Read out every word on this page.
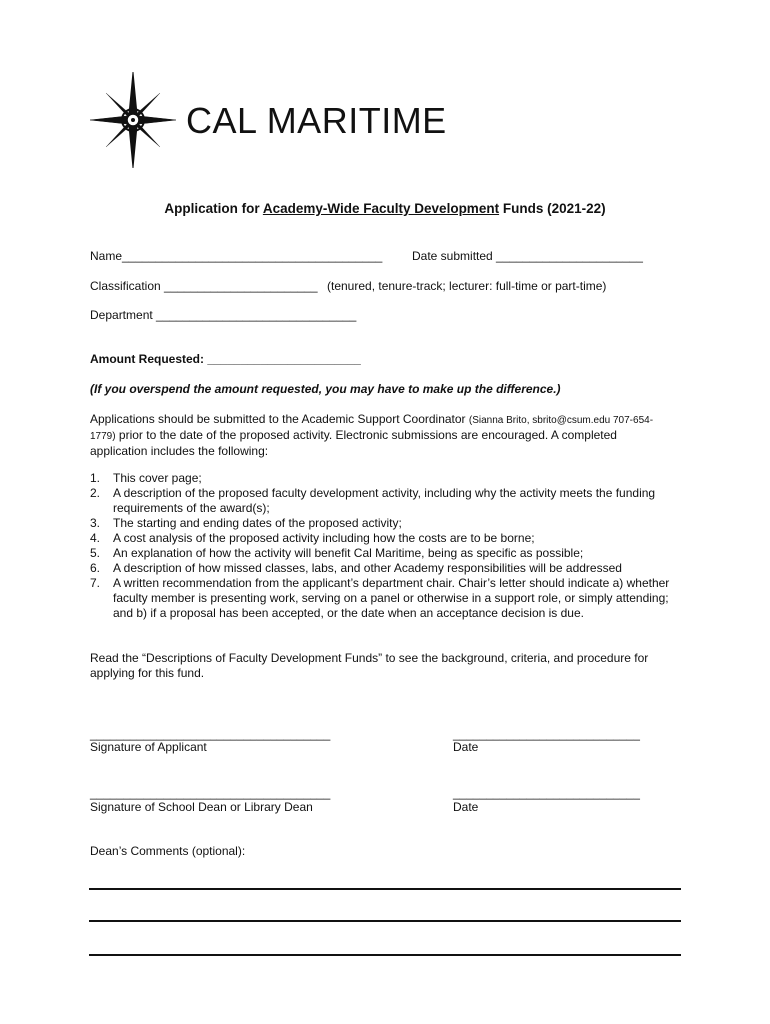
CAL MARITIME
Application for Academy-Wide Faculty Development Funds (2021-22)
Name_______________________________________ Date submitted ______________________
Classification _______________________ (tenured, tenure-track; lecturer: full-time or part-time)
Department ______________________________
Amount Requested: _______________________
(If you overspend the amount requested, you may have to make up the difference.)
Applications should be submitted to the Academic Support Coordinator (Sianna Brito, sbrito@csum.edu 707-654-1779) prior to the date of the proposed activity. Electronic submissions are encouraged. A completed application includes the following:
1. This cover page;
2. A description of the proposed faculty development activity, including why the activity meets the funding requirements of the award(s);
3. The starting and ending dates of the proposed activity;
4. A cost analysis of the proposed activity including how the costs are to be borne;
5. An explanation of how the activity will benefit Cal Maritime, being as specific as possible;
6. A description of how missed classes, labs, and other Academy responsibilities will be addressed
7. A written recommendation from the applicant’s department chair. Chair’s letter should indicate a) whether faculty member is presenting work, serving on a panel or otherwise in a support role, or simply attending; and b) if a proposal has been accepted, or the date when an acceptance decision is due.
Read the “Descriptions of Faculty Development Funds” to see the background, criteria, and procedure for applying for this fund.
____________________________________	____________________________
Signature of Applicant	Date
____________________________________	____________________________
Signature of School Dean or Library Dean	Date
Dean’s Comments (optional):
